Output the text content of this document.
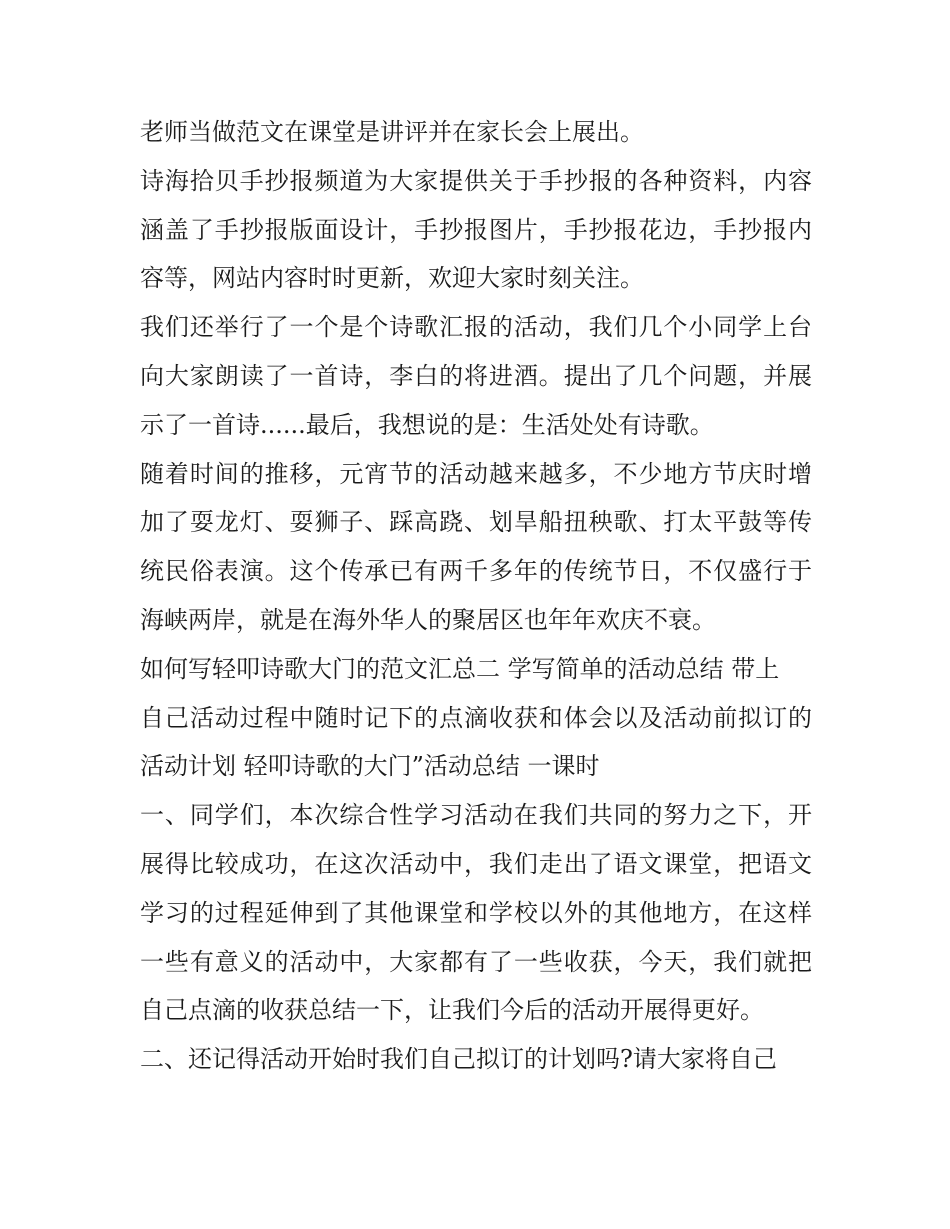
老师当做范文在课堂是讲评并在家长会上展出。

诗海拾贝手抄报频道为大家提供关于手抄报的各种资料，内容
涵盖了手抄报版面设计，手抄报图片，手抄报花边，手抄报内
容等，网站内容时时更新，欢迎大家时刻关注。

我们还举行了一个是个诗歌汇报的活动，我们几个小同学上台
向大家朗读了一首诗，李白的将进酒。提出了几个问题，并展
示了一首诗......最后，我想说的是：生活处处有诗歌。

随着时间的推移，元宵节的活动越来越多，不少地方节庆时增
加了耍龙灯、耍狮子、踩高跷、划旱船扭秧歌、打太平鼓等传
统民俗表演。这个传承已有两千多年的传统节日，不仅盛行于
海峡两岸，就是在海外华人的聚居区也年年欢庆不衰。

如何写轻叩诗歌大门的范文汇总二 学写简单的活动总结 带上
自己活动过程中随时记下的点滴收获和体会以及活动前拟订的
活动计划 轻叩诗歌的大门”活动总结 一课时

一、同学们，本次综合性学习活动在我们共同的努力之下，开
展得比较成功，在这次活动中，我们走出了语文课堂，把语文
学习的过程延伸到了其他课堂和学校以外的其他地方，在这样
一些有意义的活动中，大家都有了一些收获，今天，我们就把
自己点滴的收获总结一下，让我们今后的活动开展得更好。

二、还记得活动开始时我们自己拟订的计划吗?请大家将自己
